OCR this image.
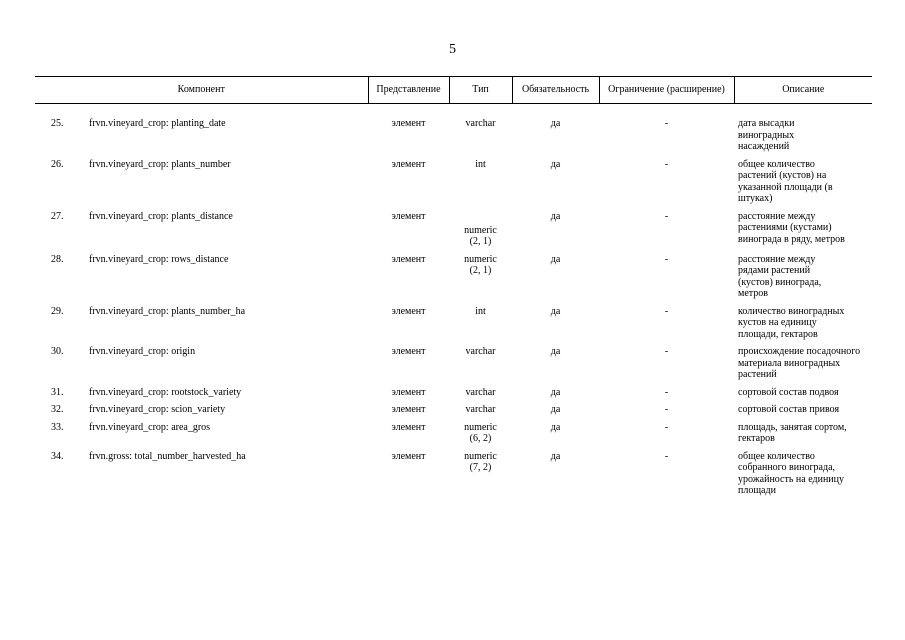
5
Компонент		Представление	Тип	Обязательность	Ограничение (расширение)	Описание
25.	frvn.vineyard_crop: planting_date	элемент	varchar	да	-	дата высадки виноградных насаждений
26.	frvn.vineyard_crop: plants_number	элемент	int	да	-	общее количество растений (кустов) на указанной площади (в штуках)
27.	frvn.vineyard_crop: plants_distance	элемент	numeric (2, 1)	да	-	расстояние между растениями (кустами) винограда в ряду, метров
28.	frvn.vineyard_crop: rows_distance	элемент	numeric (2, 1)	да	-	расстояние между рядами растений (кустов) винограда, метров
29.	frvn.vineyard_crop: plants_number_ha	элемент	int	да	-	количество виноградных кустов на единицу площади, гектаров
30.	frvn.vineyard_crop: origin	элемент	varchar	да	-	происхождение посадочного материала виноградных растений
31.	frvn.vineyard_crop: rootstock_variety	элемент	varchar	да	-	сортовой состав подвоя
32.	frvn.vineyard_crop: scion_variety	элемент	varchar	да	-	сортовой состав привоя
33.	frvn.vineyard_crop: area_gros	элемент	numeric (6, 2)	да	-	площадь, занятая сортом, гектаров
34.	frvn.gross: total_number_harvested_ha	элемент	numeric (7, 2)	да	-	общее количество собранного винограда, урожайность на единицу площади
